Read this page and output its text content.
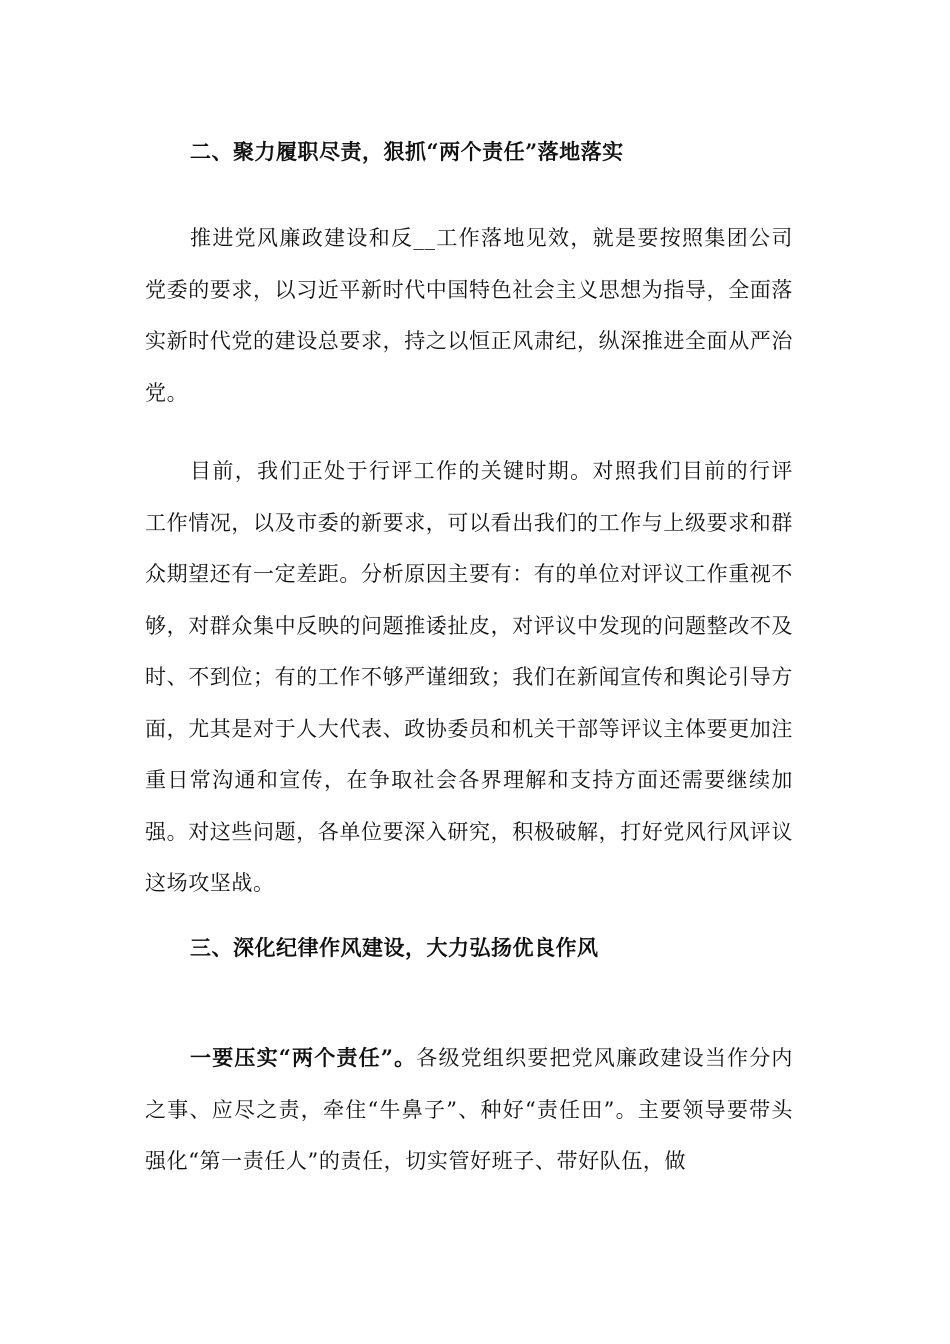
二、聚力履职尽责，狠抓“两个责任”落地落实

推进党风廉政建设和反__工作落地见效，就是要按照集团公司党委的要求，以习近平新时代中国特色社会主义思想为指导，全面落实新时代党的建设总要求，持之以恒正风肃纪，纵深推进全面从严治党。

目前，我们正处于行评工作的关键时期。对照我们目前的行评工作情况，以及市委的新要求，可以看出我们的工作与上级要求和群众期望还有一定差距。分析原因主要有：有的单位对评议工作重视不够，对群众集中反映的问题推诿扯皮，对评议中发现的问题整改不及时、不到位；有的工作不够严谨细致；我们在新闻宣传和舆论引导方面，尤其是对于人大代表、政协委员和机关干部等评议主体要更加注重日常沟通和宣传，在争取社会各界理解和支持方面还需要继续加强。对这些问题，各单位要深入研究，积极破解，打好党风行风评议这场攻坚战。

三、深化纪律作风建设，大力弘扬优良作风

一要压实“两个责任”。各级党组织要把党风廉政建设当作分内之事、应尽之责，牵住“牛鼻子”、种好“责任田”。主要领导要带头强化“第一责任人”的责任，切实管好班子、带好队伍，做
